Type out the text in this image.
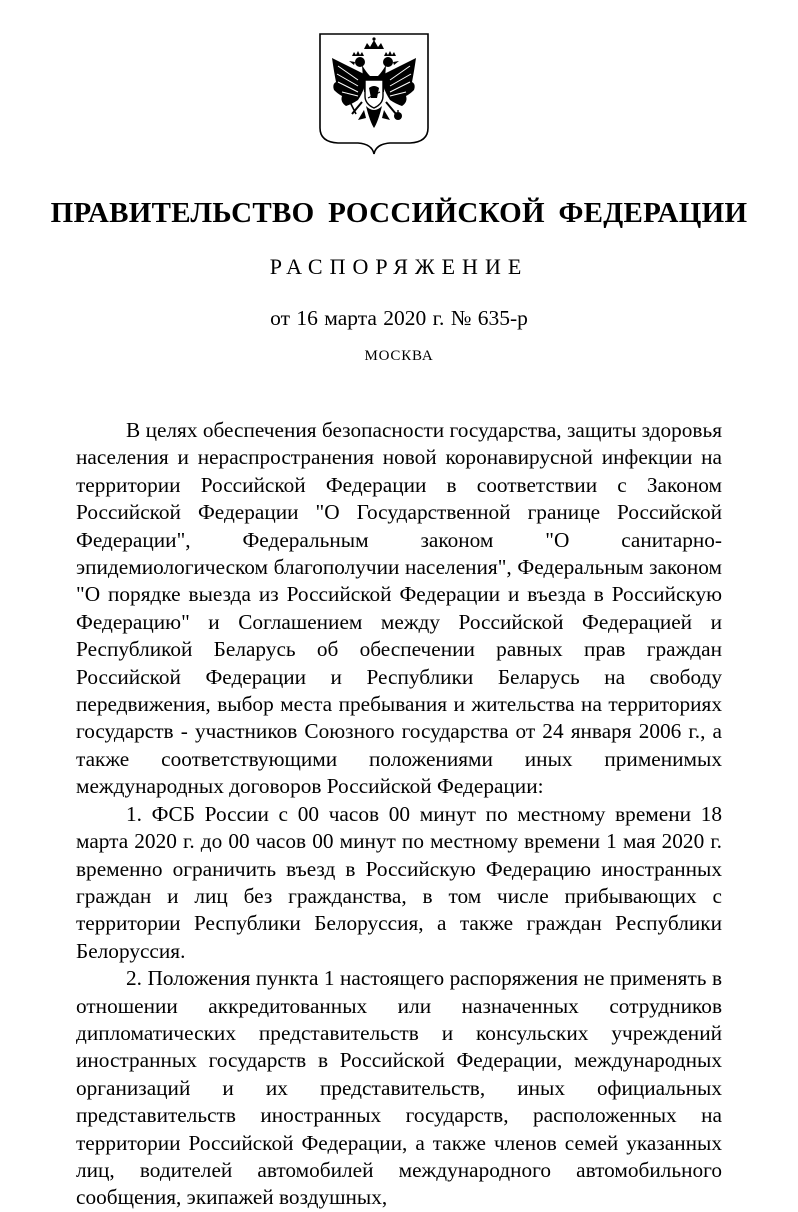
ПРАВИТЕЛЬСТВО РОССИЙСКОЙ ФЕДЕРАЦИИ
РАСПОРЯЖЕНИЕ
от 16 марта 2020 г. № 635-р
МОСКВА

В целях обеспечения безопасности государства, защиты здоровья населения и нераспространения новой коронавирусной инфекции на территории Российской Федерации в соответствии с Законом Российской Федерации "О Государственной границе Российской Федерации", Федеральным законом "О санитарно-эпидемиологическом благополучии населения", Федеральным законом "О порядке выезда из Российской Федерации и въезда в Российскую Федерацию" и Соглашением между Российской Федерацией и Республикой Беларусь об обеспечении равных прав граждан Российской Федерации и Республики Беларусь на свободу передвижения, выбор места пребывания и жительства на территориях государств - участников Союзного государства от 24 января 2006 г., а также соответствующими положениями иных применимых международных договоров Российской Федерации:

1. ФСБ России с 00 часов 00 минут по местному времени 18 марта 2020 г. до 00 часов 00 минут по местному времени 1 мая 2020 г. временно ограничить въезд в Российскую Федерацию иностранных граждан и лиц без гражданства, в том числе прибывающих с территории Республики Белоруссия, а также граждан Республики Белоруссия.

2. Положения пункта 1 настоящего распоряжения не применять в отношении аккредитованных или назначенных сотрудников дипломатических представительств и консульских учреждений иностранных государств в Российской Федерации, международных организаций и их представительств, иных официальных представительств иностранных государств, расположенных на территории Российской Федерации, а также членов семей указанных лиц, водителей автомобилей международного автомобильного сообщения, экипажей воздушных,
